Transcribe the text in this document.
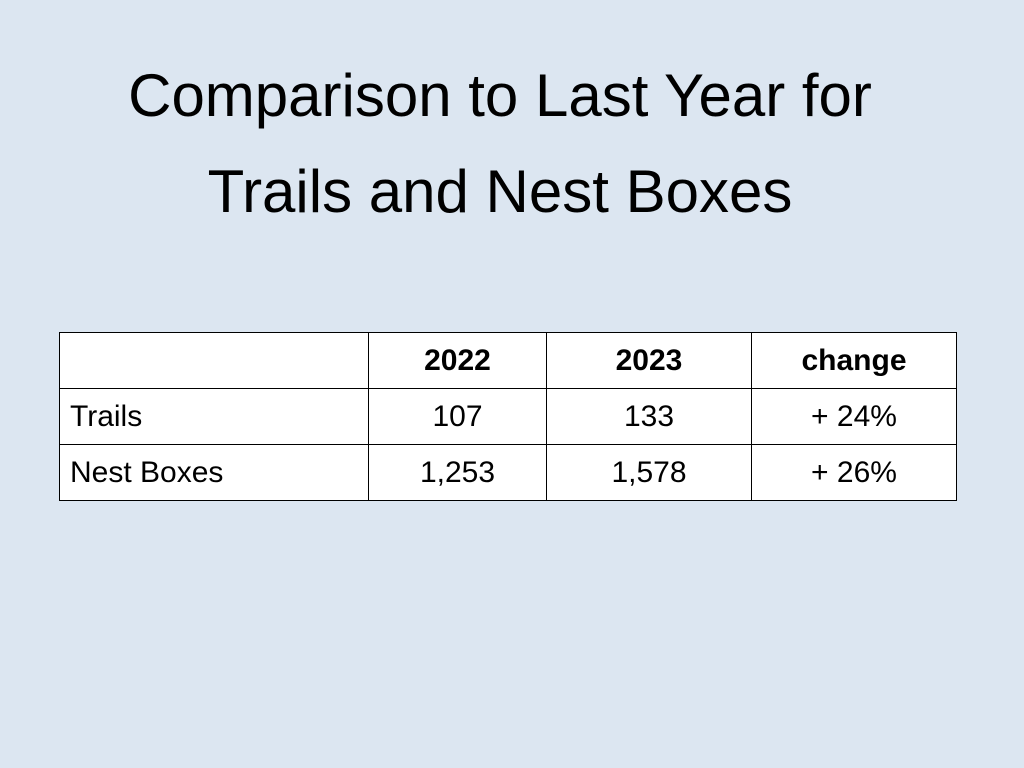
Comparison to Last Year for
Trails and Nest Boxes
	2022	2023	change
Trails	107	133	+ 24%
Nest Boxes	1,253	1,578	+ 26%
